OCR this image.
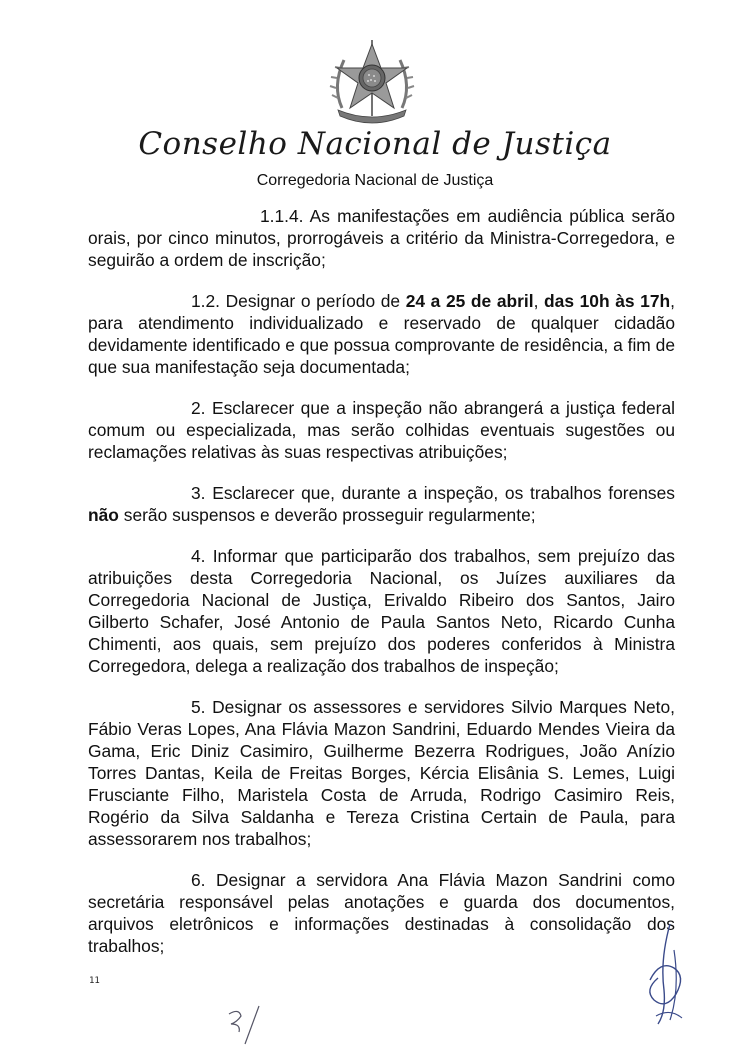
Conselho Nacional de Justiça
Corregedoria Nacional de Justiça

1.1.4. As manifestações em audiência pública serão orais, por cinco minutos, prorrogáveis a critério da Ministra-Corregedora, e seguirão a ordem de inscrição;

1.2. Designar o período de 24 a 25 de abril, das 10h às 17h, para atendimento individualizado e reservado de qualquer cidadão devidamente identificado e que possua comprovante de residência, a fim de que sua manifestação seja documentada;

2. Esclarecer que a inspeção não abrangerá a justiça federal comum ou especializada, mas serão colhidas eventuais sugestões ou reclamações relativas às suas respectivas atribuições;

3. Esclarecer que, durante a inspeção, os trabalhos forenses não serão suspensos e deverão prosseguir regularmente;

4. Informar que participarão dos trabalhos, sem prejuízo das atribuições desta Corregedoria Nacional, os Juízes auxiliares da Corregedoria Nacional de Justiça, Erivaldo Ribeiro dos Santos, Jairo Gilberto Schafer, José Antonio de Paula Santos Neto, Ricardo Cunha Chimenti, aos quais, sem prejuízo dos poderes conferidos à Ministra Corregedora, delega a realização dos trabalhos de inspeção;

5. Designar os assessores e servidores Silvio Marques Neto, Fábio Veras Lopes, Ana Flávia Mazon Sandrini, Eduardo Mendes Vieira da Gama, Eric Diniz Casimiro, Guilherme Bezerra Rodrigues, João Anízio Torres Dantas, Keila de Freitas Borges, Kércia Elisânia S. Lemes, Luigi Frusciante Filho, Maristela Costa de Arruda, Rodrigo Casimiro Reis, Rogério da Silva Saldanha e Tereza Cristina Certain de Paula, para assessorarem nos trabalhos;

6. Designar a servidora Ana Flávia Mazon Sandrini como secretária responsável pelas anotações e guarda dos documentos, arquivos eletrônicos e informações destinadas à consolidação dos trabalhos;

11
